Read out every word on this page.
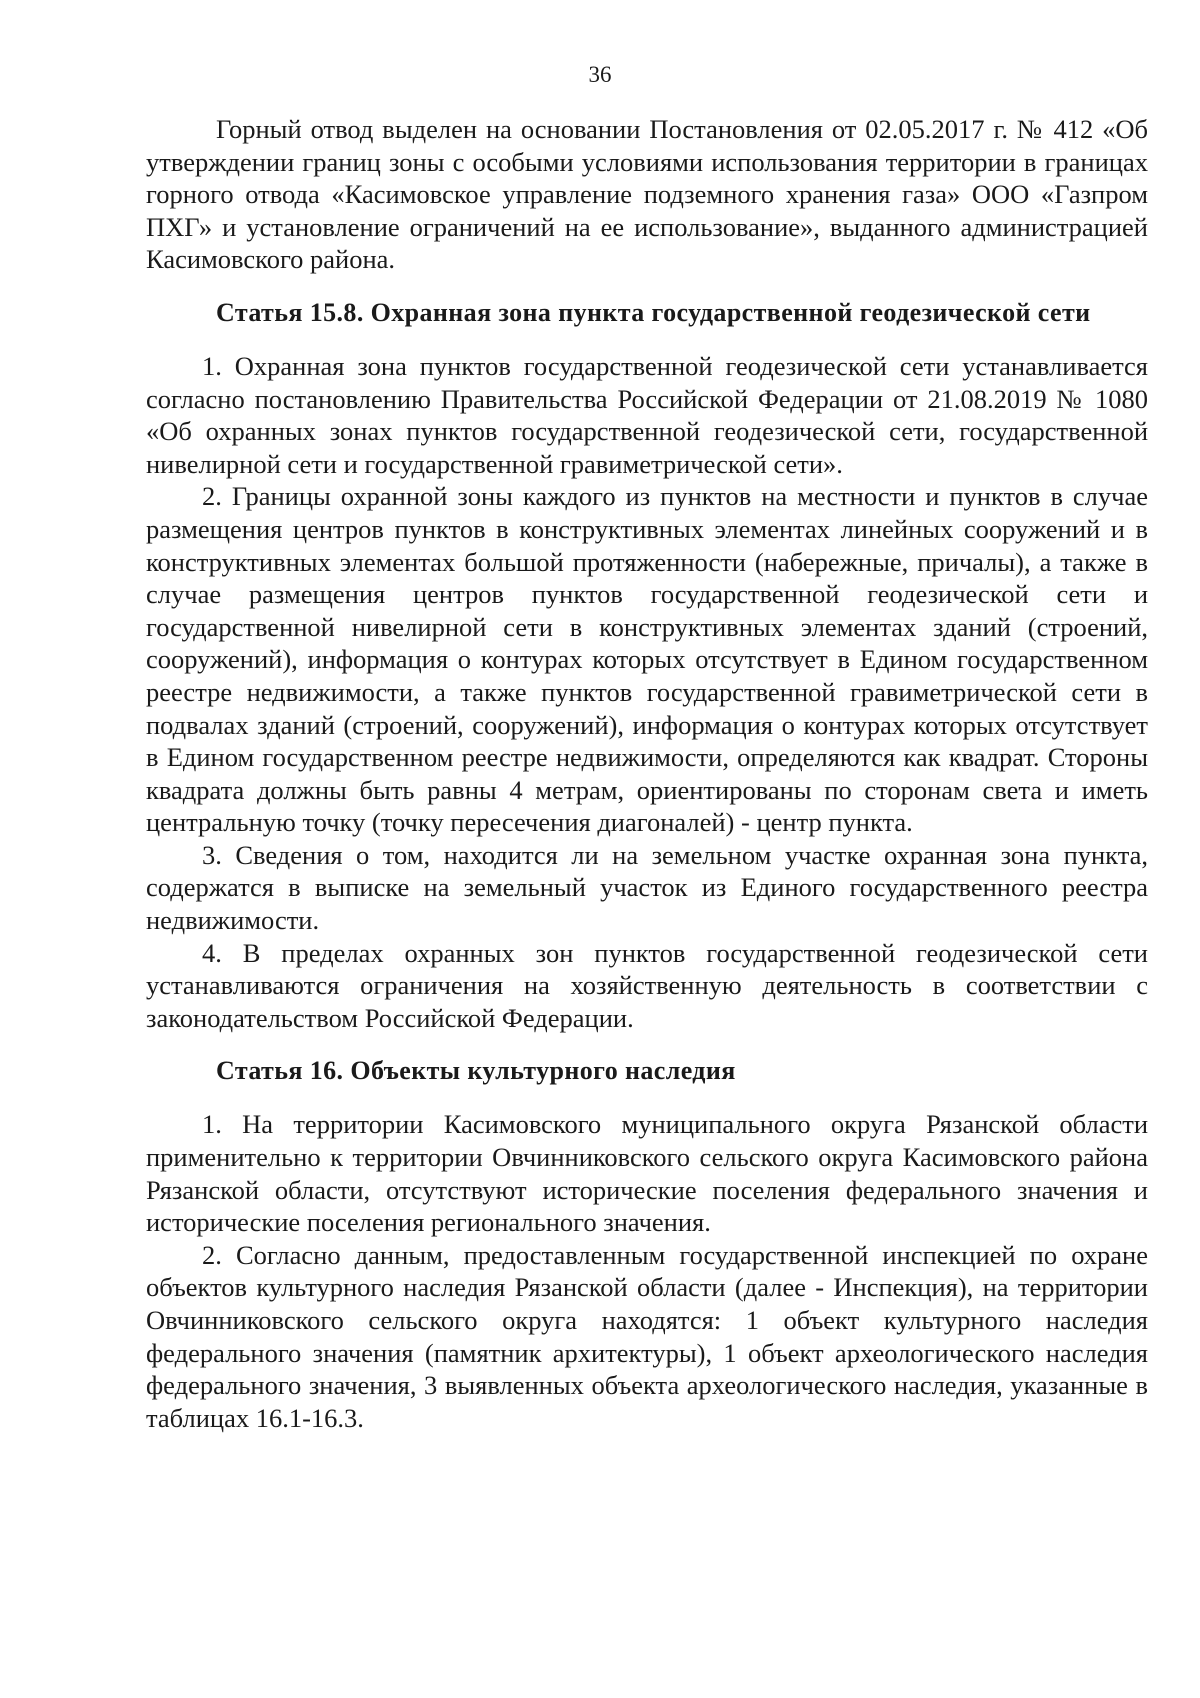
36

Горный отвод выделен на основании Постановления от 02.05.2017 г. № 412 «Об утверждении границ зоны с особыми условиями использования территории в границах горного отвода «Касимовское управление подземного хранения газа» ООО «Газпром ПХГ» и установление ограничений на ее использование», выданного администрацией Касимовского района.

Статья 15.8. Охранная зона пункта государственной геодезической сети

1. Охранная зона пунктов государственной геодезической сети устанавливается согласно постановлению Правительства Российской Федерации от 21.08.2019 № 1080 «Об охранных зонах пунктов государственной геодезической сети, государственной нивелирной сети и государственной гравиметрической сети».

2. Границы охранной зоны каждого из пунктов на местности и пунктов в случае размещения центров пунктов в конструктивных элементах линейных сооружений и в конструктивных элементах большой протяженности (набережные, причалы), а также в случае размещения центров пунктов государственной геодезической сети и государственной нивелирной сети в конструктивных элементах зданий (строений, сооружений), информация о контурах которых отсутствует в Едином государственном реестре недвижимости, а также пунктов государственной гравиметрической сети в подвалах зданий (строений, сооружений), информация о контурах которых отсутствует в Едином государственном реестре недвижимости, определяются как квадрат. Стороны квадрата должны быть равны 4 метрам, ориентированы по сторонам света и иметь центральную точку (точку пересечения диагоналей) - центр пункта.

3. Сведения о том, находится ли на земельном участке охранная зона пункта, содержатся в выписке на земельный участок из Единого государственного реестра недвижимости.

4. В пределах охранных зон пунктов государственной геодезической сети устанавливаются ограничения на хозяйственную деятельность в соответствии с законодательством Российской Федерации.

Статья 16. Объекты культурного наследия

1. На территории Касимовского муниципального округа Рязанской области применительно к территории Овчинниковского сельского округа Касимовского района Рязанской области, отсутствуют исторические поселения федерального значения и исторические поселения регионального значения.

2. Согласно данным, предоставленным государственной инспекцией по охране объектов культурного наследия Рязанской области (далее - Инспекция), на территории Овчинниковского сельского округа находятся: 1 объект культурного наследия федерального значения (памятник архитектуры), 1 объект археологического наследия федерального значения, 3 выявленных объекта археологического наследия, указанные в таблицах 16.1-16.3.
